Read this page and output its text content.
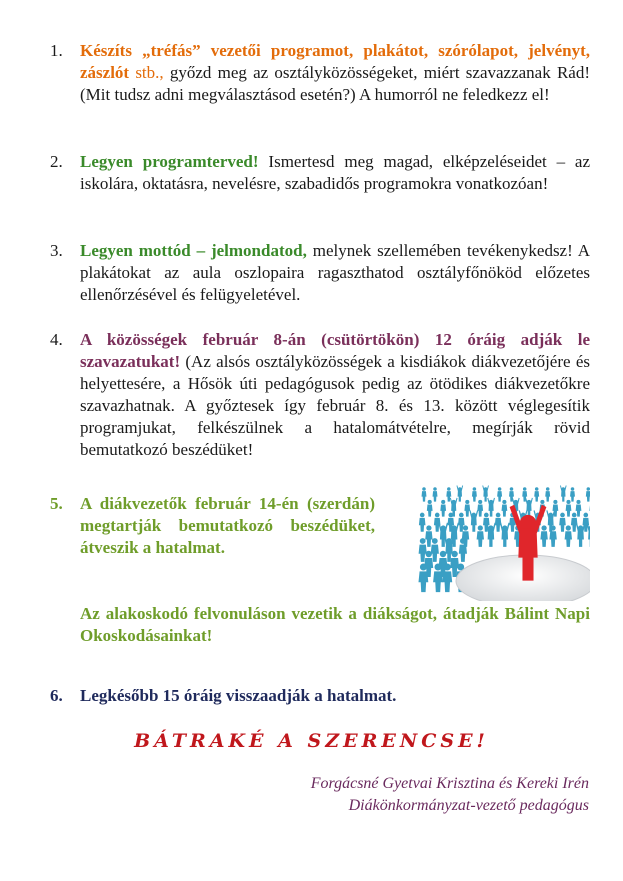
1.	Készíts „tréfás” vezetői programot, plakátot, szórólapot, jelvényt, zászlót stb., győzd meg az osztályközösségeket, miért szavazzanak Rád! (Mit tudsz adni megválasztásod esetén?) A humorról ne feledkezz el!
2.	Legyen programterved! Ismertesd meg magad, elképzeléseidet – az iskolára, oktatásra, nevelésre, szabadidős programokra vonatkozóan!
3.	Legyen mottód – jelmondatod, melynek szellemében tevékenykedsz! A plakátokat az aula oszlopaira ragaszthatod osztályfőnököd előzetes ellenőrzésével és felügyeletével.
4.	A közösségek február 8-án (csütörtökön) 12 óráig adják le szavazatukat! (Az alsós osztályközösségek a kisdiákok diákvezetőjére és helyettesére, a Hősök úti pedagógusok pedig az ötödikes diákvezetőkre szavazhatnak. A győztesek így február 8. és 13. között véglegesítik programjukat, felkészülnek a hatalomátvételre, megírják rövid bemutatkozó beszédüket!
5.	A diákvezetők február 14-én (szerdán) megtartják bemutatkozó beszédüket, átveszik a hatalmat.
Az alakoskodó felvonuláson vezetik a diákságot, átadják Bálint Napi Okoskodásainkat!
6.	Legkésőbb 15 óráig visszaadják a hatalmat.
BÁTRAKÉ A SZERENCSE!
Forgácsné Gyetvai Krisztina és Kereki Irén
Diákönkormányzat-vezető pedagógus
